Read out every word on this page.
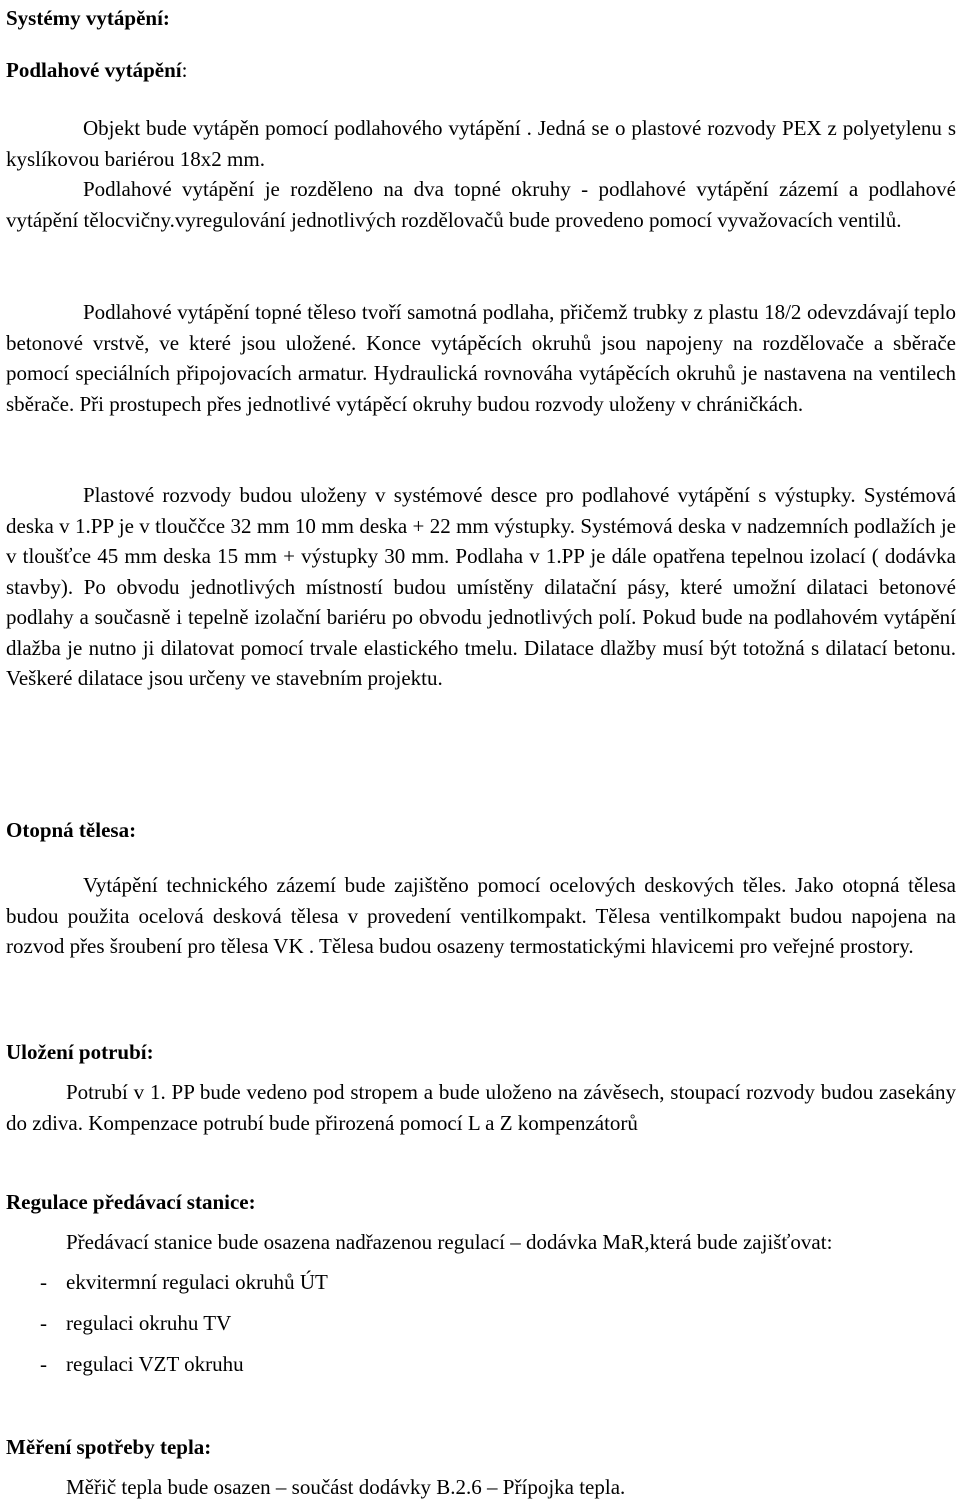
Systémy vytápění:

Podlahové vytápění:

Objekt bude vytápěn pomocí podlahového vytápění . Jedná se o plastové rozvody PEX z polyetylenu s kyslíkovou bariérou 18x2 mm.

Podlahové vytápění je rozděleno na dva topné okruhy - podlahové vytápění zázemí a podlahové vytápění tělocvičny.vyregulování jednotlivých rozdělovačů bude provedeno pomocí vyvažovacích ventilů.

Podlahové vytápění topné těleso tvoří samotná podlaha, přičemž trubky z plastu 18/2 odevzdávají teplo betonové vrstvě, ve které jsou uložené. Konce vytápěcích okruhů jsou napojeny na rozdělovače a sběrače pomocí speciálních připojovacích armatur. Hydraulická rovnováha vytápěcích okruhů je nastavena na ventilech sběrače. Při prostupech přes jednotlivé vytápěcí okruhy budou rozvody uloženy v chráničkách.

Plastové rozvody budou uloženy v systémové desce pro podlahové vytápění s výstupky. Systémová deska v 1.PP je v tlouččce 32 mm 10 mm deska + 22 mm výstupky. Systémová deska v nadzemních podlažích je v tloušťce 45 mm deska 15 mm + výstupky 30 mm. Podlaha v 1.PP je dále opatřena tepelnou izolací ( dodávka stavby). Po obvodu jednotlivých místností budou umístěny dilatační pásy, které umožní dilataci betonové podlahy a současně i tepelně izolační bariéru po obvodu jednotlivých polí. Pokud bude na podlahovém vytápění dlažba je nutno ji dilatovat pomocí trvale elastického tmelu. Dilatace dlažby musí být totožná s dilatací betonu. Veškeré dilatace jsou určeny ve stavebním projektu.

Otopná tělesa:

Vytápění technického zázemí bude zajištěno pomocí ocelových deskových těles. Jako otopná tělesa budou použita ocelová desková tělesa v provedení ventilkompakt. Tělesa ventilkompakt budou napojena na rozvod přes šroubení pro tělesa VK . Tělesa budou osazeny termostatickými hlavicemi pro veřejné prostory.

Uložení potrubí:

Potrubí v 1. PP bude vedeno pod stropem a bude uloženo na závěsech, stoupací rozvody budou zasekány do zdiva. Kompenzace potrubí bude přirozená pomocí L a Z kompenzátorů

Regulace předávací stanice:

Předávací stanice bude osazena nadřazenou regulací – dodávka MaR,která bude zajišťovat:

- ekvitermní regulaci okruhů ÚT

- regulaci okruhu TV

- regulaci VZT okruhu

Měření spotřeby tepla:

Měřič tepla bude osazen – součást dodávky B.2.6 – Přípojka tepla.
